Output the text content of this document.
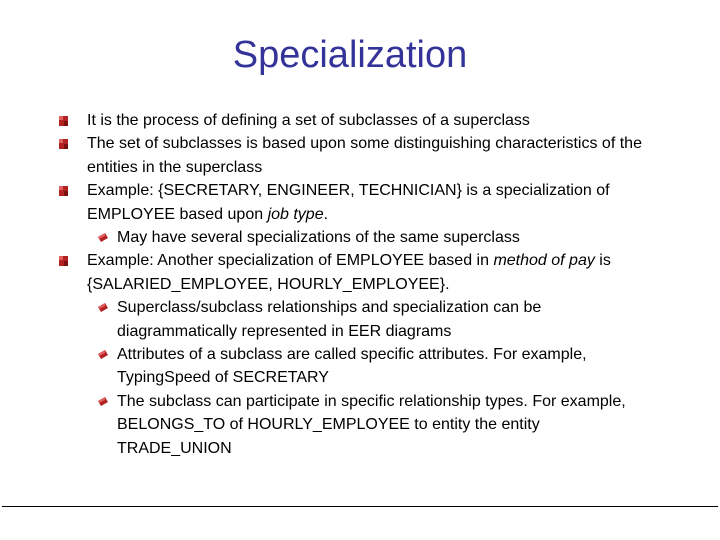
Specialization
It is the process of defining a set of subclasses of a superclass
The set of subclasses is based upon some distinguishing characteristics of the entities in the superclass
Example: {SECRETARY, ENGINEER, TECHNICIAN} is a specialization of EMPLOYEE based upon job type.
May have several specializations of the same superclass
Example: Another specialization of EMPLOYEE based in method of pay is {SALARIED_EMPLOYEE, HOURLY_EMPLOYEE}.
Superclass/subclass relationships and specialization can be diagrammatically represented in EER diagrams
Attributes of a subclass are called specific attributes. For example, TypingSpeed of SECRETARY
The subclass can participate in specific relationship types. For example, BELONGS_TO of HOURLY_EMPLOYEE to entity the entity TRADE_UNION
